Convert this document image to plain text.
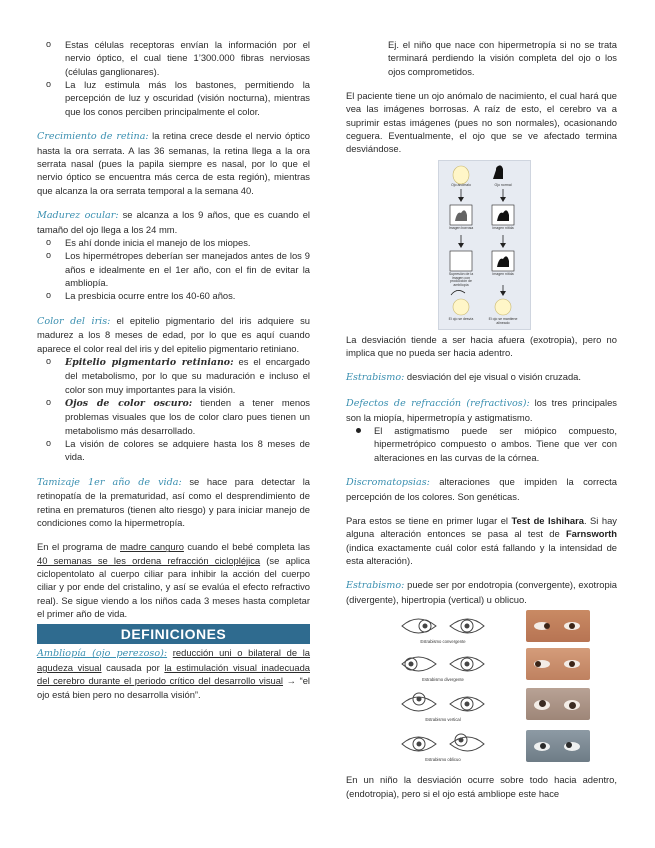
o Estas células receptoras envían la información por el nervio óptico, el cual tiene 1’300.000 fibras nerviosas (células ganglionares).
o La luz estimula más los bastones, permitiendo la percepción de luz y oscuridad (visión nocturna), mientras que los conos perciben principalmente el color.

Crecimiento de retina: la retina crece desde el nervio óptico hasta la ora serrata. A las 36 semanas, la retina llega a la ora serrata nasal (pues la papila siempre es nasal, por lo que el nervio óptico se encuentra más cerca de esta región), mientras que alcanza la ora serrata temporal a la semana 40.

Madurez ocular: se alcanza a los 9 años, que es cuando el tamaño del ojo llega a los 24 mm.

o Es ahí donde inicia el manejo de los miopes.
o Los hipermétropes deberían ser manejados antes de los 9 años e idealmente en el 1er año, con el fin de evitar la ambliopía.
o La presbicia ocurre entre los 40-60 años.

Color del iris: el epitelio pigmentario del iris adquiere su madurez a los 8 meses de edad, por lo que es aquí cuando aparece el color real del iris y del epitelio pigmentario retiniano.

o Epitelio pigmentario retiniano: es el encargado del metabolismo, por lo que su maduración e incluso el color son muy importantes para la visión.
o Ojos de color oscuro: tienden a tener menos problemas visuales que los de color claro pues tienen un metabolismo más desarrollado.
o La visión de colores se adquiere hasta los 8 meses de vida.

Tamizaje 1er año de vida: se hace para detectar la retinopatía de la prematuridad, así como el desprendimiento de retina en prematuros (tienen alto riesgo) y para iniciar manejo de condiciones como la hipermetropía.

En el programa de madre canguro cuando el bebé completa las 40 semanas se les ordena refracción ciclopléjica (se aplica ciclopentolato al cuerpo ciliar para inhibir la acción del cuerpo ciliar y por ende del cristalino, y así se evalúa el efecto refractivo real). Se sigue viendo a los niños cada 3 meses hasta completar el primer año de vida.

DEFINICIONES

Ambliopía (ojo perezoso): reducción uni o bilateral de la agudeza visual causada por la estimulación visual inadecuada del cerebro durante el periodo crítico del desarrollo visual → “el ojo está bien pero no desarrolla visión”.

Ej. el niño que nace con hipermetropía si no se trata terminará perdiendo la visión completa del ojo o los ojos comprometidos.

El paciente tiene un ojo anómalo de nacimiento, el cual hará que vea las imágenes borrosas. A raíz de esto, el cerebro va a suprimir estas imágenes (pues no son normales), ocasionando ceguera. Eventualmente, el ojo que se ve afectado termina desviándose.

Ojo anómalo	Ojo normal
Imagen borrosa	Imagen nítida
Supresión de la imagen con producción de ambliopía
Imagen nítida
El ojo se desvía	El ojo se mantiene alineado

La desviación tiende a ser hacia afuera (exotropia), pero no implica que no pueda ser hacia adentro.

Estrabismo: desviación del eje visual o visión cruzada.

Defectos de refracción (refractivos): los tres principales son la miopía, hipermetropía y astigmatismo.

El astigmatismo puede ser miópico compuesto, hipermetrópico compuesto o ambos. Tiene que ver con alteraciones en las curvas de la córnea.

Discromatopsias: alteraciones que impiden la correcta percepción de los colores. Son genéticas.

Para estos se tiene en primer lugar el Test de Ishihara. Si hay alguna alteración entonces se pasa al test de Farnsworth (indica exactamente cuál color está fallando y la intensidad de esta alteración).

Estrabismo: puede ser por endotropia (convergente), exotropia (divergente), hipertropia (vertical) u oblicuo.

Estrabismo convergente
Estrabismo divergente
Estrabismo vertical
Estrabismo oblicuo

En un niño la desviación ocurre sobre todo hacia adentro, (endotropia), pero si el ojo está ambliope este hace
